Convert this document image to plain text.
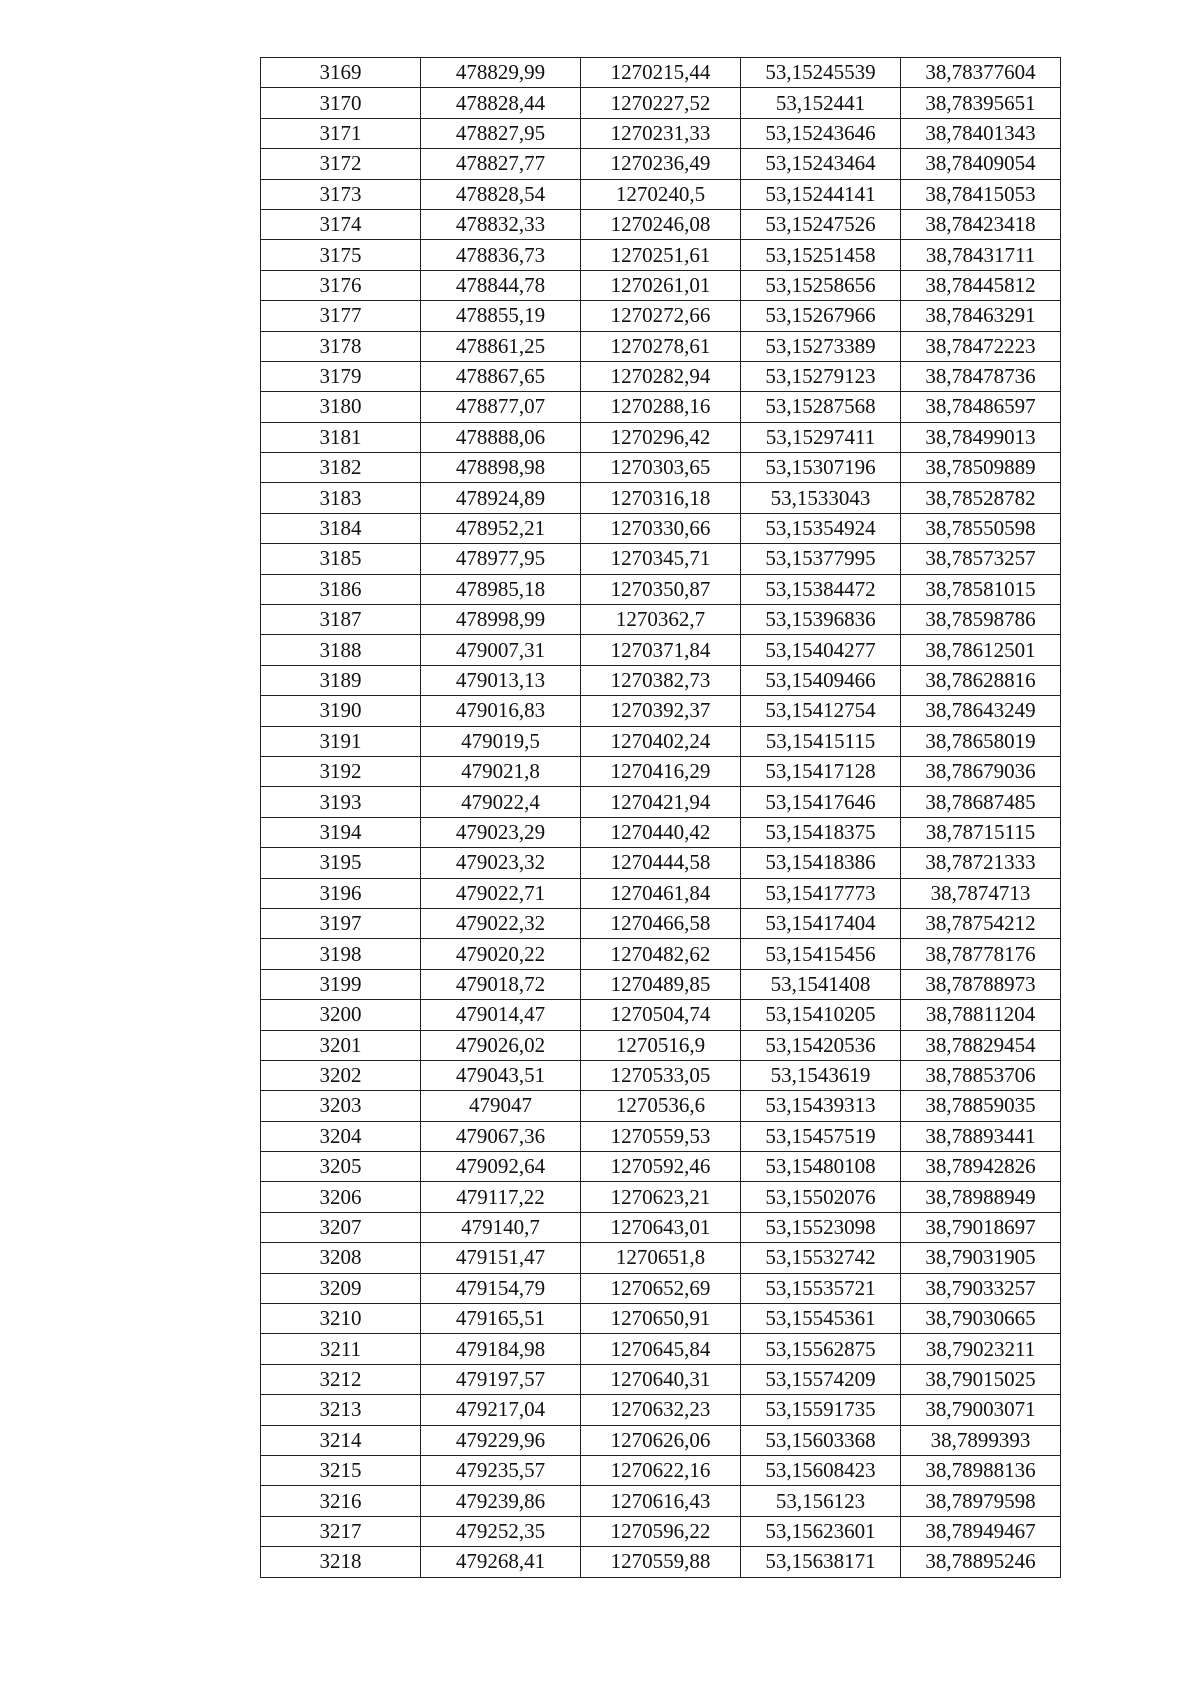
3169	478829,99	1270215,44	53,15245539	38,78377604
3170	478828,44	1270227,52	53,152441	38,78395651
3171	478827,95	1270231,33	53,15243646	38,78401343
3172	478827,77	1270236,49	53,15243464	38,78409054
3173	478828,54	1270240,5	53,15244141	38,78415053
3174	478832,33	1270246,08	53,15247526	38,78423418
3175	478836,73	1270251,61	53,15251458	38,78431711
3176	478844,78	1270261,01	53,15258656	38,78445812
3177	478855,19	1270272,66	53,15267966	38,78463291
3178	478861,25	1270278,61	53,15273389	38,78472223
3179	478867,65	1270282,94	53,15279123	38,78478736
3180	478877,07	1270288,16	53,15287568	38,78486597
3181	478888,06	1270296,42	53,15297411	38,78499013
3182	478898,98	1270303,65	53,15307196	38,78509889
3183	478924,89	1270316,18	53,1533043	38,78528782
3184	478952,21	1270330,66	53,15354924	38,78550598
3185	478977,95	1270345,71	53,15377995	38,78573257
3186	478985,18	1270350,87	53,15384472	38,78581015
3187	478998,99	1270362,7	53,15396836	38,78598786
3188	479007,31	1270371,84	53,15404277	38,78612501
3189	479013,13	1270382,73	53,15409466	38,78628816
3190	479016,83	1270392,37	53,15412754	38,78643249
3191	479019,5	1270402,24	53,15415115	38,78658019
3192	479021,8	1270416,29	53,15417128	38,78679036
3193	479022,4	1270421,94	53,15417646	38,78687485
3194	479023,29	1270440,42	53,15418375	38,78715115
3195	479023,32	1270444,58	53,15418386	38,78721333
3196	479022,71	1270461,84	53,15417773	38,7874713
3197	479022,32	1270466,58	53,15417404	38,78754212
3198	479020,22	1270482,62	53,15415456	38,78778176
3199	479018,72	1270489,85	53,1541408	38,78788973
3200	479014,47	1270504,74	53,15410205	38,78811204
3201	479026,02	1270516,9	53,15420536	38,78829454
3202	479043,51	1270533,05	53,1543619	38,78853706
3203	479047	1270536,6	53,15439313	38,78859035
3204	479067,36	1270559,53	53,15457519	38,78893441
3205	479092,64	1270592,46	53,15480108	38,78942826
3206	479117,22	1270623,21	53,15502076	38,78988949
3207	479140,7	1270643,01	53,15523098	38,79018697
3208	479151,47	1270651,8	53,15532742	38,79031905
3209	479154,79	1270652,69	53,15535721	38,79033257
3210	479165,51	1270650,91	53,15545361	38,79030665
3211	479184,98	1270645,84	53,15562875	38,79023211
3212	479197,57	1270640,31	53,15574209	38,79015025
3213	479217,04	1270632,23	53,15591735	38,79003071
3214	479229,96	1270626,06	53,15603368	38,7899393
3215	479235,57	1270622,16	53,15608423	38,78988136
3216	479239,86	1270616,43	53,156123	38,78979598
3217	479252,35	1270596,22	53,15623601	38,78949467
3218	479268,41	1270559,88	53,15638171	38,78895246
